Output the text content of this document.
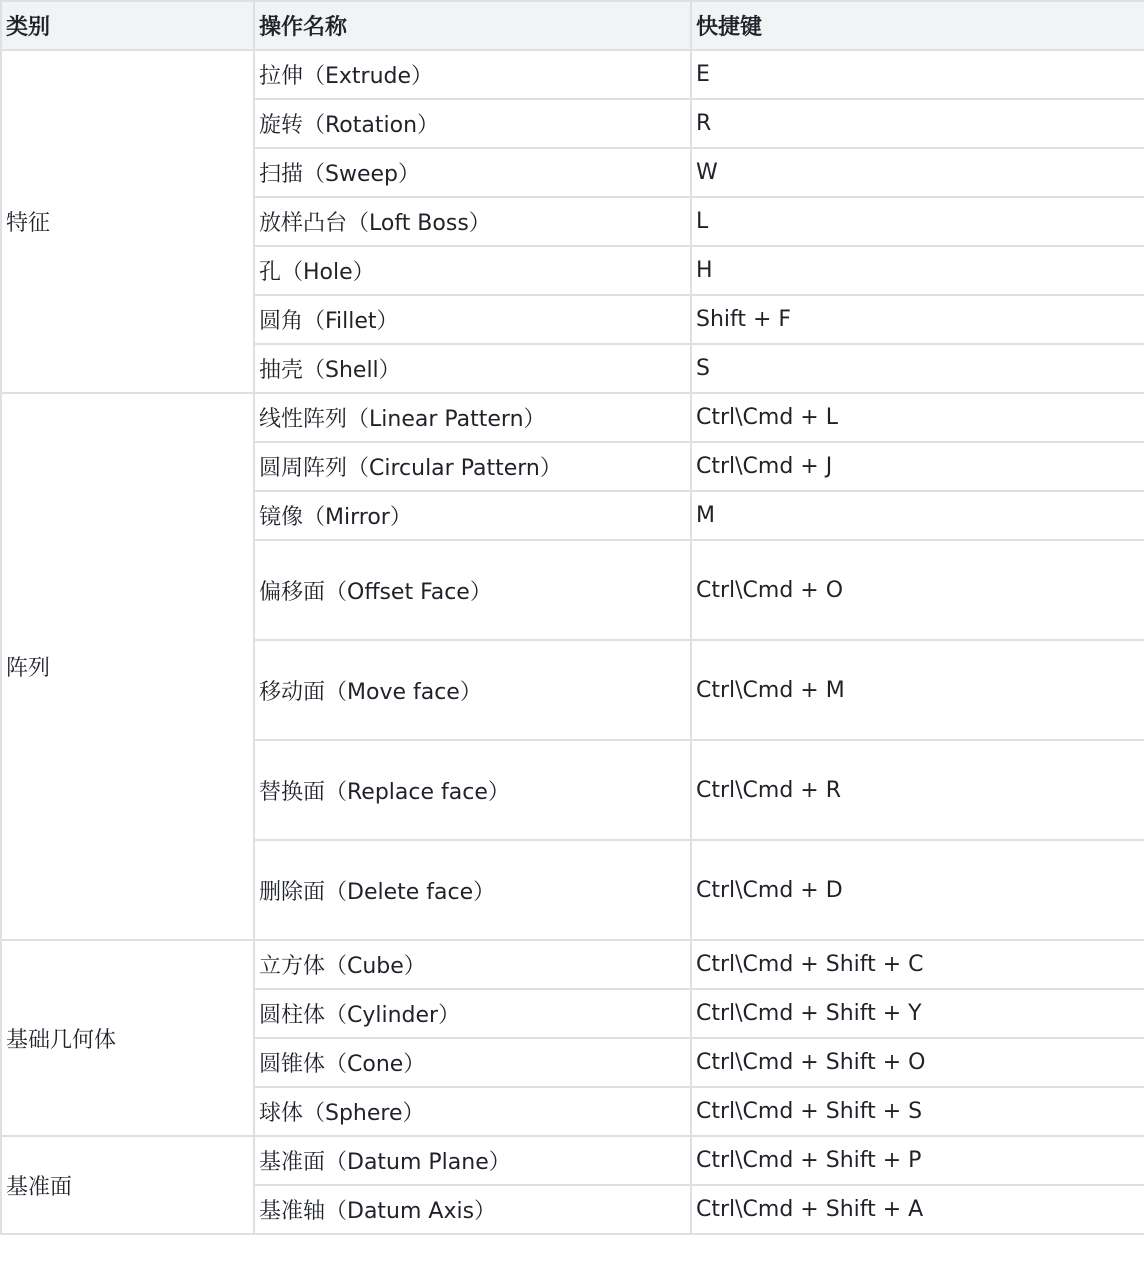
类别	操作名称	快捷键
特征	拉伸（Extrude）	E
	旋转（Rotation）	R
	扫描（Sweep）	W
	放样凸台（Loft Boss）	L
	孔（Hole）	H
	圆角（Fillet）	Shift + F
	抽壳（Shell）	S
阵列	线性阵列（Linear Pattern）	Ctrl\Cmd + L
	圆周阵列（Circular Pattern）	Ctrl\Cmd + J
	镜像（Mirror）	M
	偏移面（Offset Face）	Ctrl\Cmd + O
	移动面（Move face）	Ctrl\Cmd + M
	替换面（Replace face）	Ctrl\Cmd + R
	删除面（Delete face）	Ctrl\Cmd + D
基础几何体	立方体（Cube）	Ctrl\Cmd + Shift + C
	圆柱体（Cylinder）	Ctrl\Cmd + Shift + Y
	圆锥体（Cone）	Ctrl\Cmd + Shift + O
	球体（Sphere）	Ctrl\Cmd + Shift + S
基准面	基准面（Datum Plane）	Ctrl\Cmd + Shift + P
	基准轴（Datum Axis）	Ctrl\Cmd + Shift + A
